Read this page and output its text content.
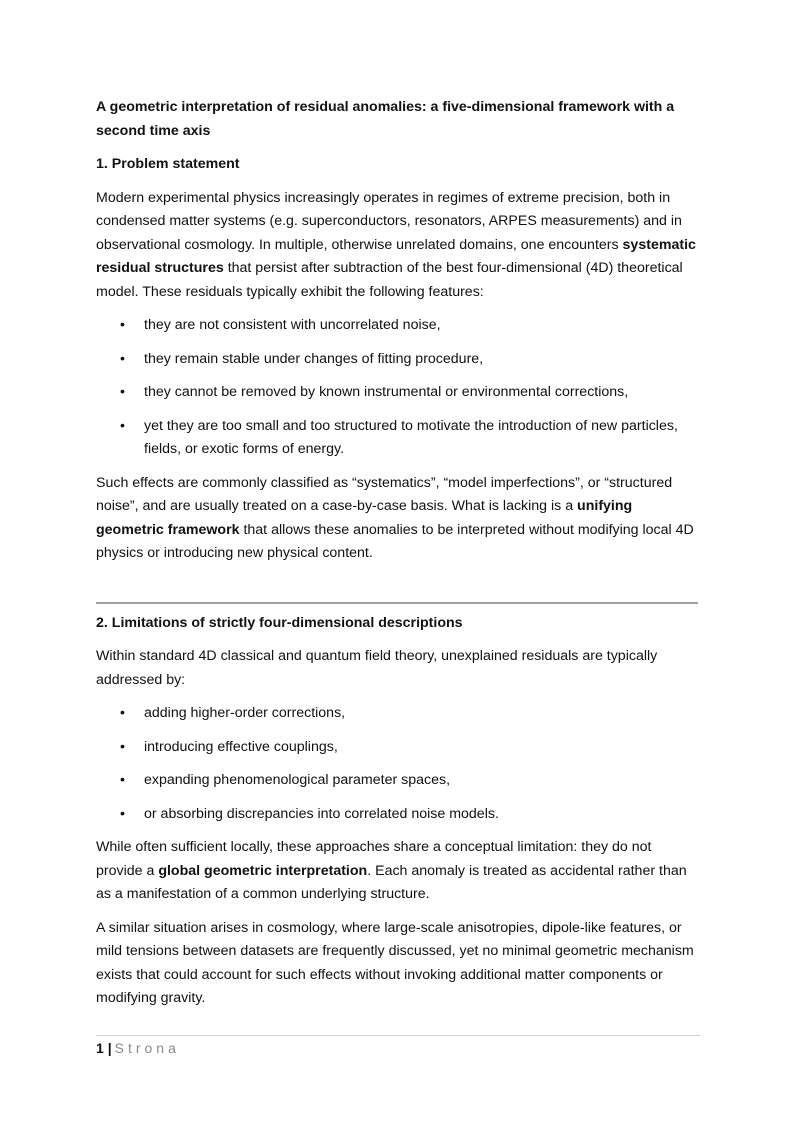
A geometric interpretation of residual anomalies: a five-dimensional framework with a second time axis

1. Problem statement

Modern experimental physics increasingly operates in regimes of extreme precision, both in condensed matter systems (e.g. superconductors, resonators, ARPES measurements) and in observational cosmology. In multiple, otherwise unrelated domains, one encounters systematic residual structures that persist after subtraction of the best four-dimensional (4D) theoretical model. These residuals typically exhibit the following features:

• they are not consistent with uncorrelated noise,
• they remain stable under changes of fitting procedure,
• they cannot be removed by known instrumental or environmental corrections,
• yet they are too small and too structured to motivate the introduction of new particles, fields, or exotic forms of energy.

Such effects are commonly classified as “systematics”, “model imperfections”, or “structured noise”, and are usually treated on a case-by-case basis. What is lacking is a unifying geometric framework that allows these anomalies to be interpreted without modifying local 4D physics or introducing new physical content.

2. Limitations of strictly four-dimensional descriptions

Within standard 4D classical and quantum field theory, unexplained residuals are typically addressed by:

• adding higher-order corrections,
• introducing effective couplings,
• expanding phenomenological parameter spaces,
• or absorbing discrepancies into correlated noise models.

While often sufficient locally, these approaches share a conceptual limitation: they do not provide a global geometric interpretation. Each anomaly is treated as accidental rather than as a manifestation of a common underlying structure.

A similar situation arises in cosmology, where large-scale anisotropies, dipole-like features, or mild tensions between datasets are frequently discussed, yet no minimal geometric mechanism exists that could account for such effects without invoking additional matter components or modifying gravity.

1 | Strona
